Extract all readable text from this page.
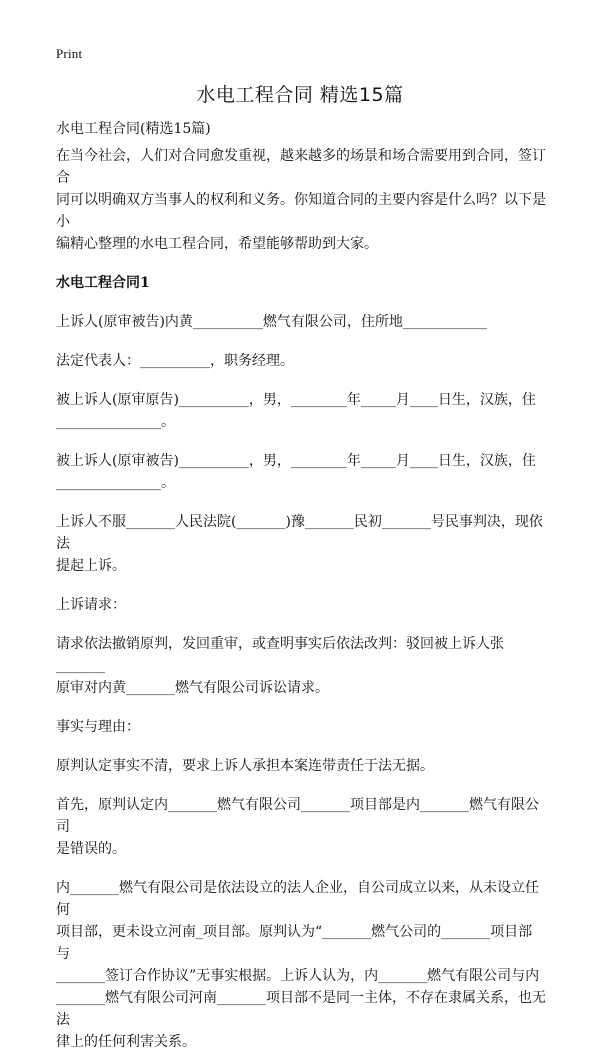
Print
水电工程合同 精选15篇

水电工程合同(精选15篇)

在当今社会，人们对合同愈发重视，越来越多的场景和场合需要用到合同，签订合

同可以明确双方当事人的权利和义务。你知道合同的主要内容是什么吗？以下是小

编精心整理的水电工程合同，希望能够帮助到大家。

水电工程合同1

上诉人(原审被告)内黄__________燃气有限公司，住所地____________

法定代表人：__________，职务经理。

被上诉人(原审原告)__________，男，________年_____月____日生，汉族，住

_______________。

被上诉人(原审被告)__________，男，________年_____月____日生，汉族，住

_______________。

上诉人不服_______人民法院(_______)豫_______民初_______号民事判决，现依法

提起上诉。

上诉请求：

请求依法撤销原判，发回重审，或查明事实后依法改判：驳回被上诉人张_______

原审对内黄_______燃气有限公司诉讼请求。

事实与理由：

原判认定事实不清，要求上诉人承担本案连带责任于法无据。

首先，原判认定内_______燃气有限公司_______项目部是内_______燃气有限公司

是错误的。

内_______燃气有限公司是依法设立的法人企业，自公司成立以来，从未设立任何

项目部，更未设立河南_项目部。原判认为“_______燃气公司的_______项目部与

_______签订合作协议”无事实根据。上诉人认为，内_______燃气有限公司与内

_______燃气有限公司河南_______项目部不是同一主体，不存在隶属关系，也无法

律上的任何利害关系。
